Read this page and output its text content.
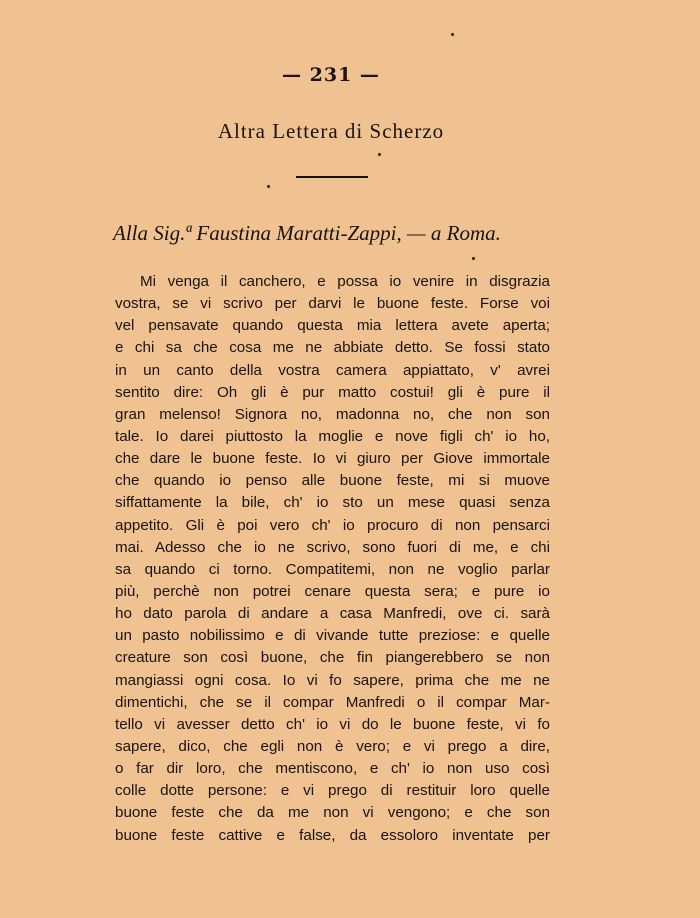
— 231 —
Altra Lettera di Scherzo
Alla Sig.ª Faustina Maratti-Zappi, — a Roma.
Mi venga il canchero, e possa io venire in disgrazia
vostra, se vi scrivo per darvi le buone feste. Forse voi
vel pensavate quando questa mia lettera avete aperta;
e chi sa che cosa me ne abbiate detto. Se fossi stato
in un canto della vostra camera appiattato, v' avrei
sentito dire: Oh gli è pur matto costui! gli è pure il
gran melenso! Signora no, madonna no, che non son
tale. Io darei piuttosto la moglie e nove figli ch' io ho,
che dare le buone feste. Io vi giuro per Giove immortale
che quando io penso alle buone feste, mi si muove
siffattamente la bile, ch' io sto un mese quasi senza
appetito. Gli è poi vero ch' io procuro di non pensarci
mai. Adesso che io ne scrivo, sono fuori di me, e chi
sa quando ci torno. Compatitemi, non ne voglio parlar
più, perchè non potrei cenare questa sera; e pure io
ho dato parola di andare a casa Manfredi, ove ci. sarà
un pasto nobilissimo e di vivande tutte preziose: e quelle
creature son così buone, che fin piangerebbero se non
mangiassi ogni cosa. Io vi fo sapere, prima che me ne
dimentichi, che se il compar Manfredi o il compar Mar-
tello vi avesser detto ch' io vi do le buone feste, vi fo
sapere, dico, che egli non è vero; e vi prego a dire,
o far dir loro, che mentiscono, e ch' io non uso così
colle dotte persone: e vi prego di restituir loro quelle
buone feste che da me non vi vengono; e che son
buone feste cattive e false, da essoloro inventate per
